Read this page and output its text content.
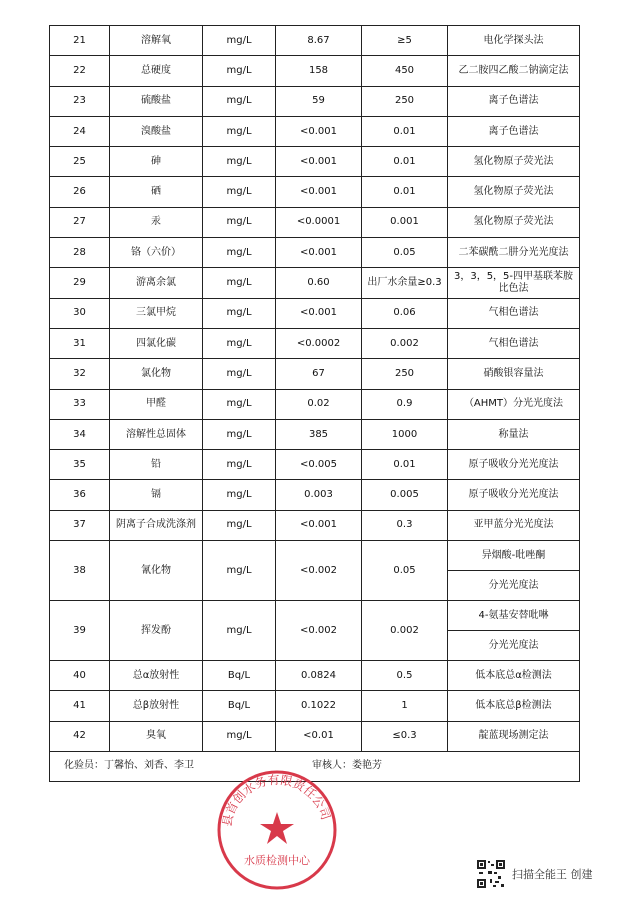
21	溶解氧	mg/L	8.67	≥5	电化学探头法
22	总硬度	mg/L	158	450	乙二胺四乙酸二钠滴定法
23	硫酸盐	mg/L	59	250	离子色谱法
24	溴酸盐	mg/L	<0.001	0.01	离子色谱法
25	砷	mg/L	<0.001	0.01	氢化物原子荧光法
26	硒	mg/L	<0.001	0.01	氢化物原子荧光法
27	汞	mg/L	<0.0001	0.001	氢化物原子荧光法
28	铬（六价）	mg/L	<0.001	0.05	二苯碳酰二肼分光光度法
29	游离余氯	mg/L	0.60	出厂水余量≥0.3	3，3，5，5-四甲基联苯胺比色法
30	三氯甲烷	mg/L	<0.001	0.06	气相色谱法
31	四氯化碳	mg/L	<0.0002	0.002	气相色谱法
32	氯化物	mg/L	67	250	硝酸银容量法
33	甲醛	mg/L	0.02	0.9	（AHMT）分光光度法
34	溶解性总固体	mg/L	385	1000	称量法
35	铅	mg/L	<0.005	0.01	原子吸收分光光度法
36	镉	mg/L	0.003	0.005	原子吸收分光光度法
37	阴离子合成洗涤剂	mg/L	<0.001	0.3	亚甲蓝分光光度法
38	氰化物	mg/L	<0.002	0.05	异烟酸-吡唑酮
					分光光度法
39	挥发酚	mg/L	<0.002	0.002	4-氨基安替吡啉
					分光光度法
40	总α放射性	Bq/L	0.0824	0.5	低本底总α检测法
41	总β放射性	Bq/L	0.1022	1	低本底总β检测法
42	臭氧	mg/L	<0.01	≤0.3	靛蓝现场测定法
化验员：丁馨怡、刘香、李卫 审核人：娄艳芳					
县首创水务有限责任公司
水质检测中心
扫描全能王 创建
